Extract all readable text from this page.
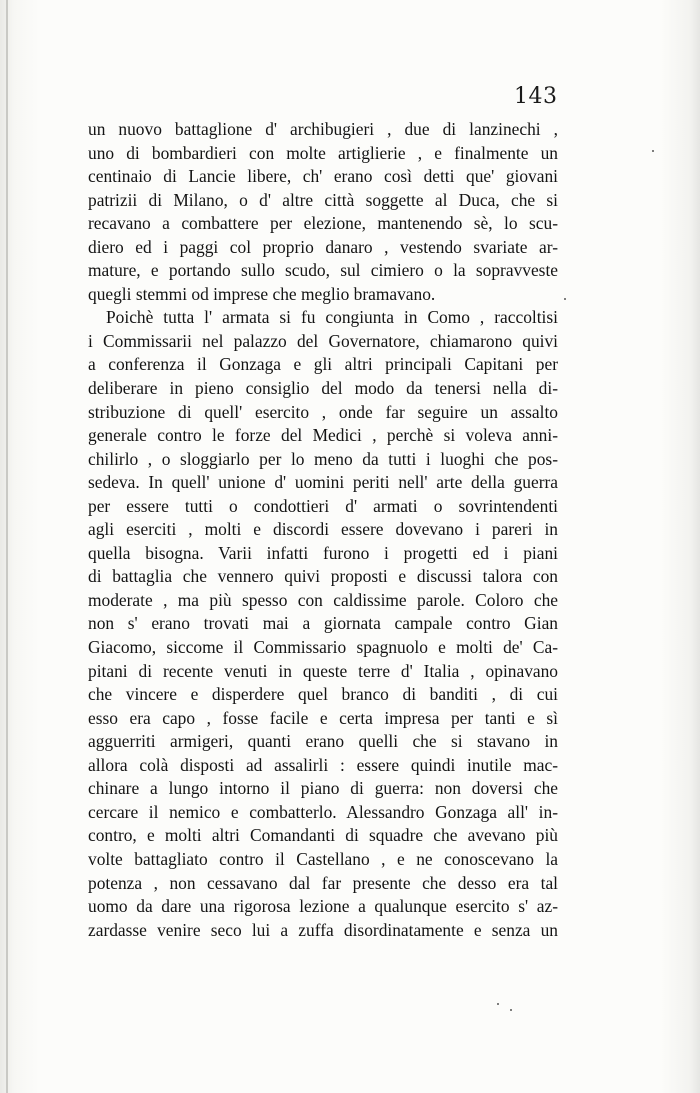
143
un nuovo battaglione d' archibugieri , due di lanzinechi ,
uno di bombardieri con molte artiglierie , e finalmente un
centinaio di Lancie libere, ch' erano così detti que' giovani
patrizii di Milano, o d' altre città soggette al Duca, che si
recavano a combattere per elezione, mantenendo sè, lo scu-
diero ed i paggi col proprio danaro , vestendo svariate ar-
mature, e portando sullo scudo, sul cimiero o la sopravveste
quegli stemmi od imprese che meglio bramavano.
Poichè tutta l' armata si fu congiunta in Como , raccoltisi
i Commissarii nel palazzo del Governatore, chiamarono quivi
a conferenza il Gonzaga e gli altri principali Capitani per
deliberare in pieno consiglio del modo da tenersi nella di-
stribuzione di quell' esercito , onde far seguire un assalto
generale contro le forze del Medici , perchè si voleva anni-
chilirlo , o sloggiarlo per lo meno da tutti i luoghi che pos-
sedeva. In quell' unione d' uomini periti nell' arte della guerra
per essere tutti o condottieri d' armati o sovrintendenti
agli eserciti , molti e discordi essere dovevano i pareri in
quella bisogna. Varii infatti furono i progetti ed i piani
di battaglia che vennero quivi proposti e discussi talora con
moderate , ma più spesso con caldissime parole. Coloro che
non s' erano trovati mai a giornata campale contro Gian
Giacomo, siccome il Commissario spagnuolo e molti de' Ca-
pitani di recente venuti in queste terre d' Italia , opinavano
che vincere e disperdere quel branco di banditi , di cui
esso era capo , fosse facile e certa impresa per tanti e sì
agguerriti armigeri, quanti erano quelli che si stavano in
allora colà disposti ad assalirli : essere quindi inutile mac-
chinare a lungo intorno il piano di guerra: non doversi che
cercare il nemico e combatterlo. Alessandro Gonzaga all' in-
contro, e molti altri Comandanti di squadre che avevano più
volte battagliato contro il Castellano , e ne conoscevano la
potenza , non cessavano dal far presente che desso era tal
uomo da dare una rigorosa lezione a qualunque esercito s' az-
zardasse venire seco lui a zuffa disordinatamente e senza un
